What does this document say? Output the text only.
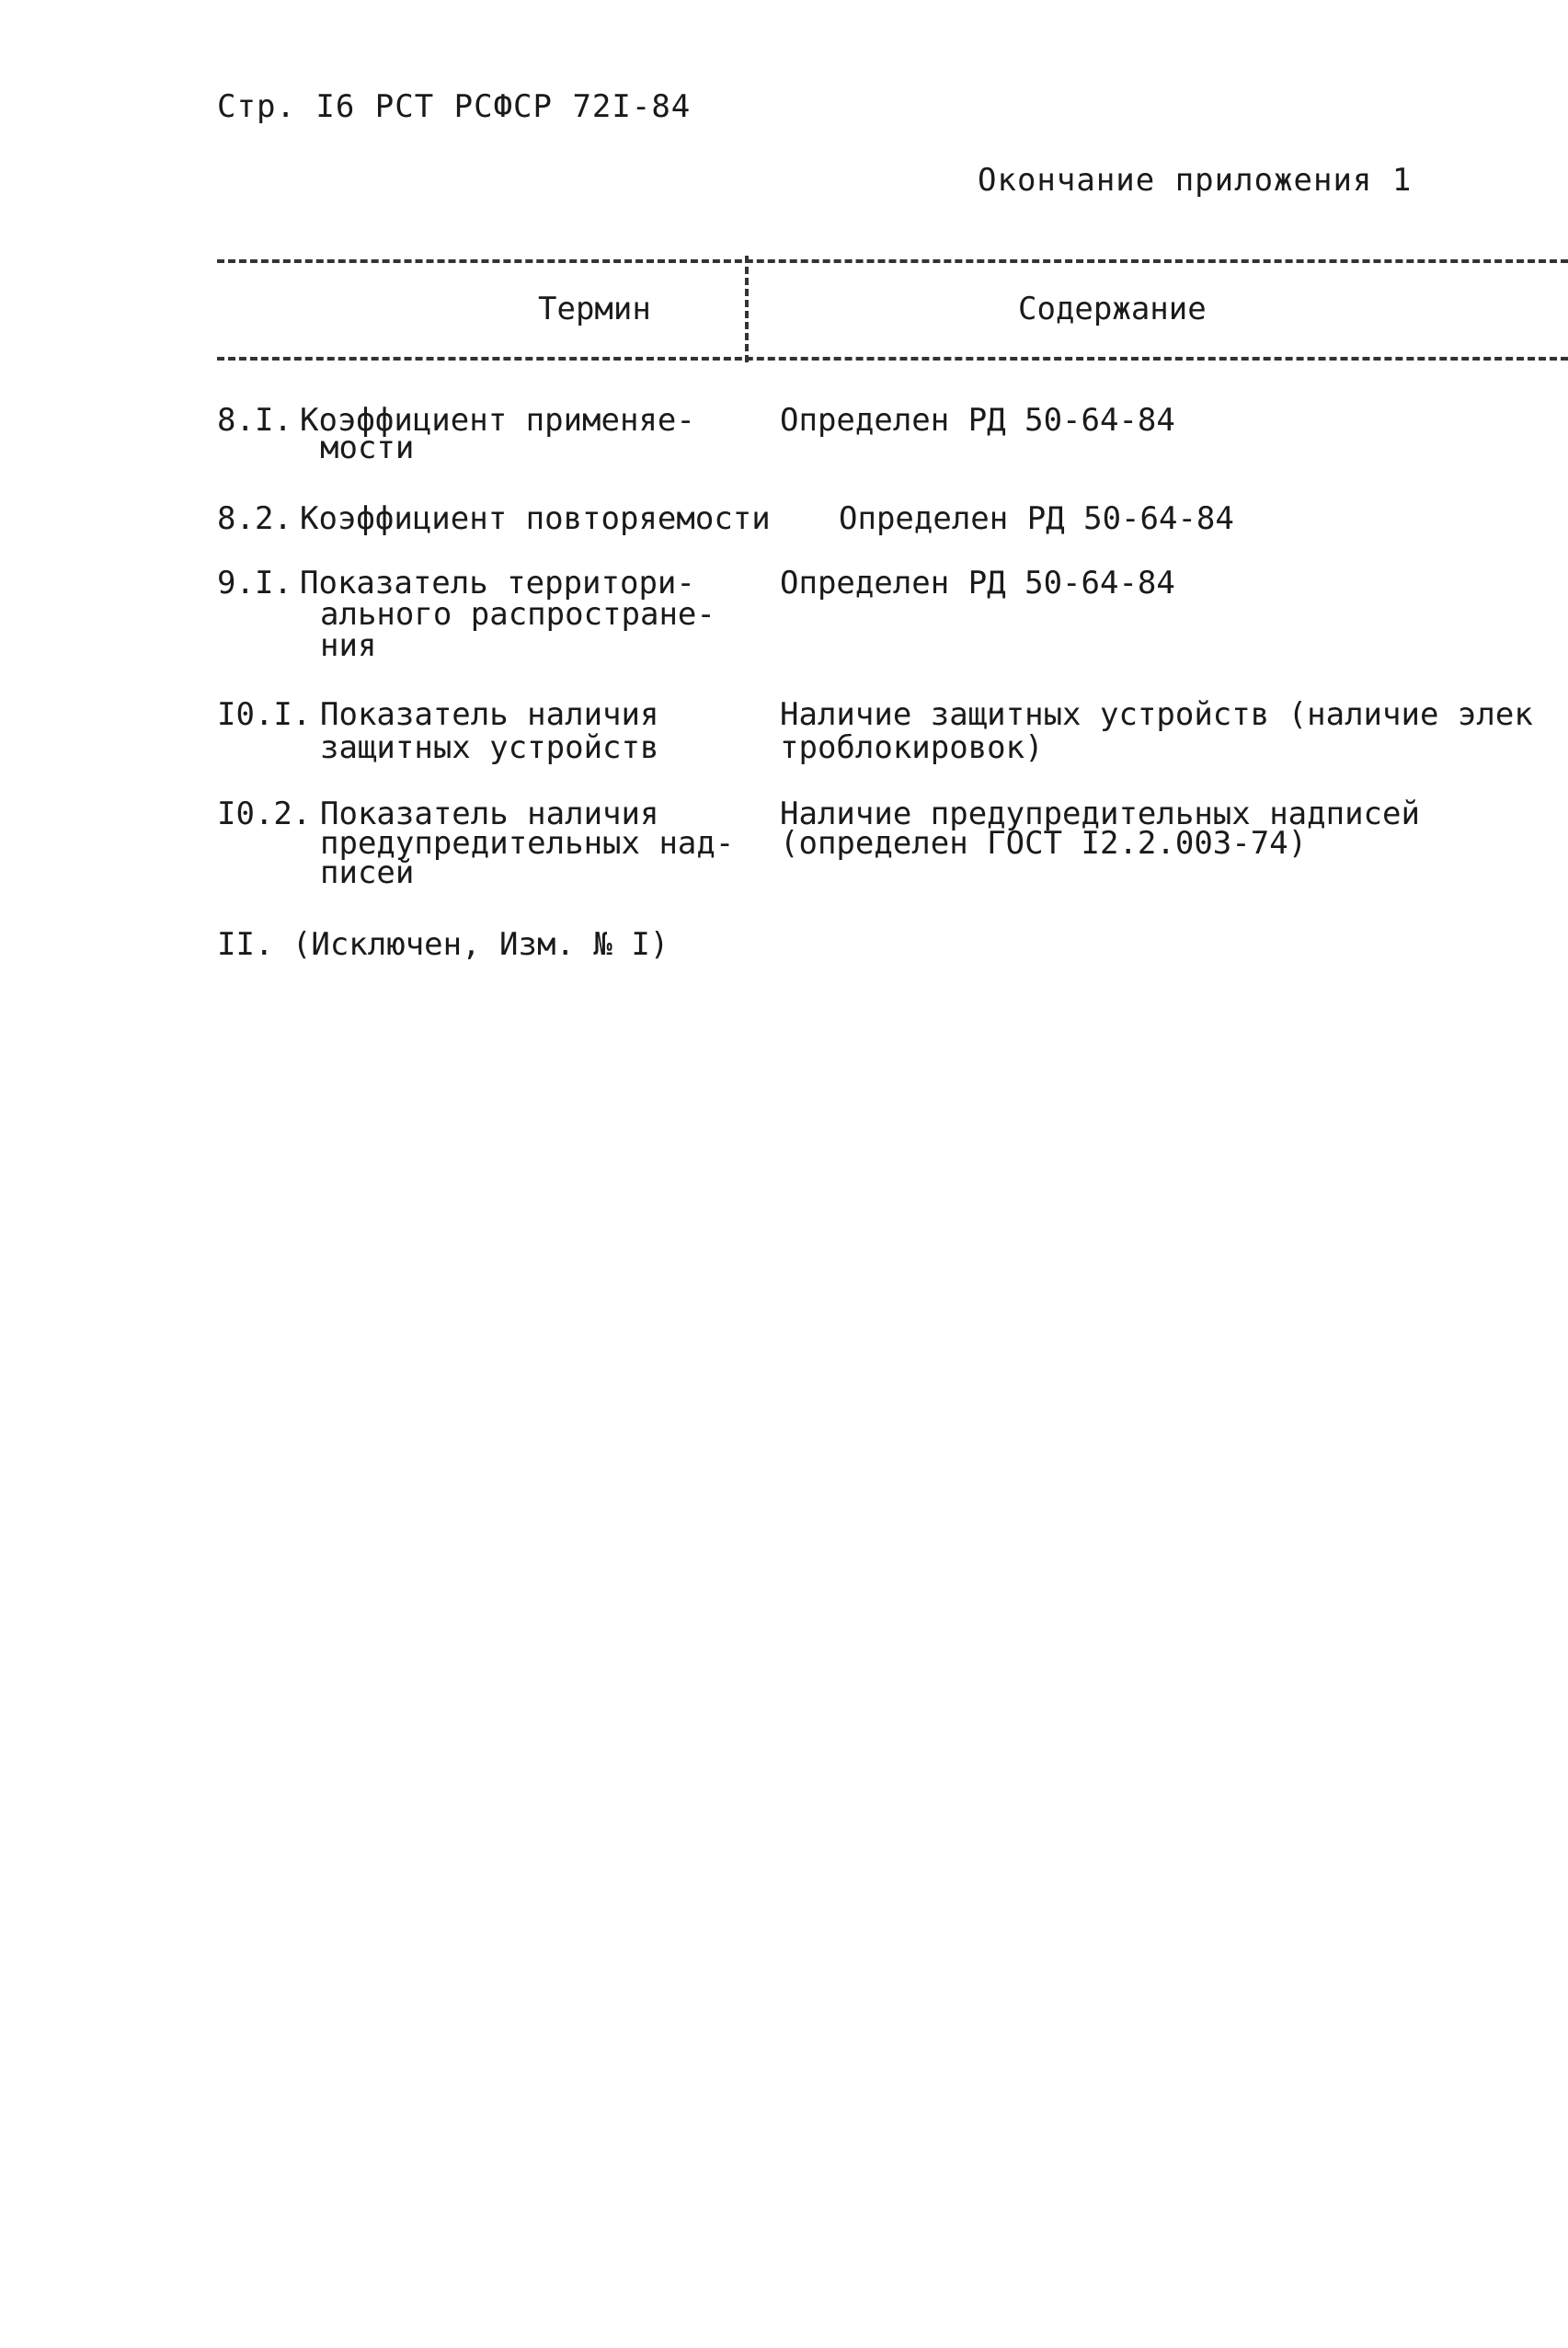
Стр. I6 РСТ РСФСР 72I-84
Окончание приложения 1
Термин	Содержание

8.I.

Коэффициент применяе-

мости

Определен РД 50-64-84

8.2.

Коэффициент повторяемости

Определен РД 50-64-84

9.I.

Показатель территори-

ального распростране-

ния

Определен РД 50-64-84

I0.I.

Показатель наличия

защитных устройств

Наличие защитных устройств (наличие элек

троблокировок)

I0.2.

Показатель наличия

предупредительных над-

писей

Наличие предупредительных надписей

(определен ГОСТ I2.2.003-74)

II. (Исключен, Изм. № I)
